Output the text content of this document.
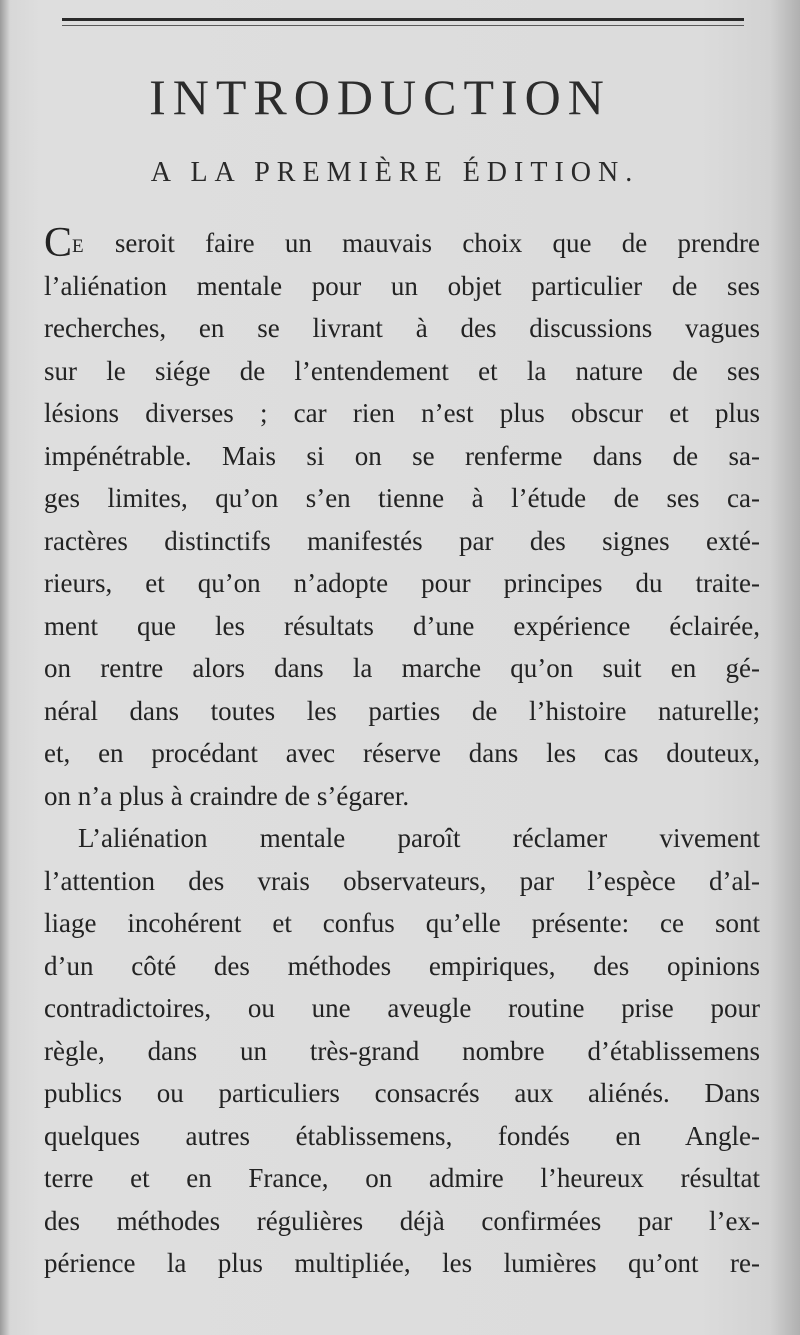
INTRODUCTION
A LA PREMIÈRE ÉDITION.
CE seroit faire un mauvais choix que de prendre
l’aliénation mentale pour un objet particulier de ses
recherches, en se livrant à des discussions vagues
sur le siége de l’entendement et la nature de ses
lésions diverses ; car rien n’est plus obscur et plus
impénétrable. Mais si on se renferme dans de sa-
ges limites, qu’on s’en tienne à l’étude de ses ca-
ractères distinctifs manifestés par des signes exté-
rieurs, et qu’on n’adopte pour principes du traite-
ment que les résultats d’une expérience éclairée,
on rentre alors dans la marche qu’on suit en gé-
néral dans toutes les parties de l’histoire naturelle;
et, en procédant avec réserve dans les cas douteux,
on n’a plus à craindre de s’égarer.
L’aliénation mentale paroît réclamer vivement
l’attention des vrais observateurs, par l’espèce d’al-
liage incohérent et confus qu’elle présente: ce sont
d’un côté des méthodes empiriques, des opinions
contradictoires, ou une aveugle routine prise pour
règle, dans un très-grand nombre d’établissemens
publics ou particuliers consacrés aux aliénés. Dans
quelques autres établissemens, fondés en Angle-
terre et en France, on admire l’heureux résultat
des méthodes régulières déjà confirmées par l’ex-
périence la plus multipliée, les lumières qu’ont re-
